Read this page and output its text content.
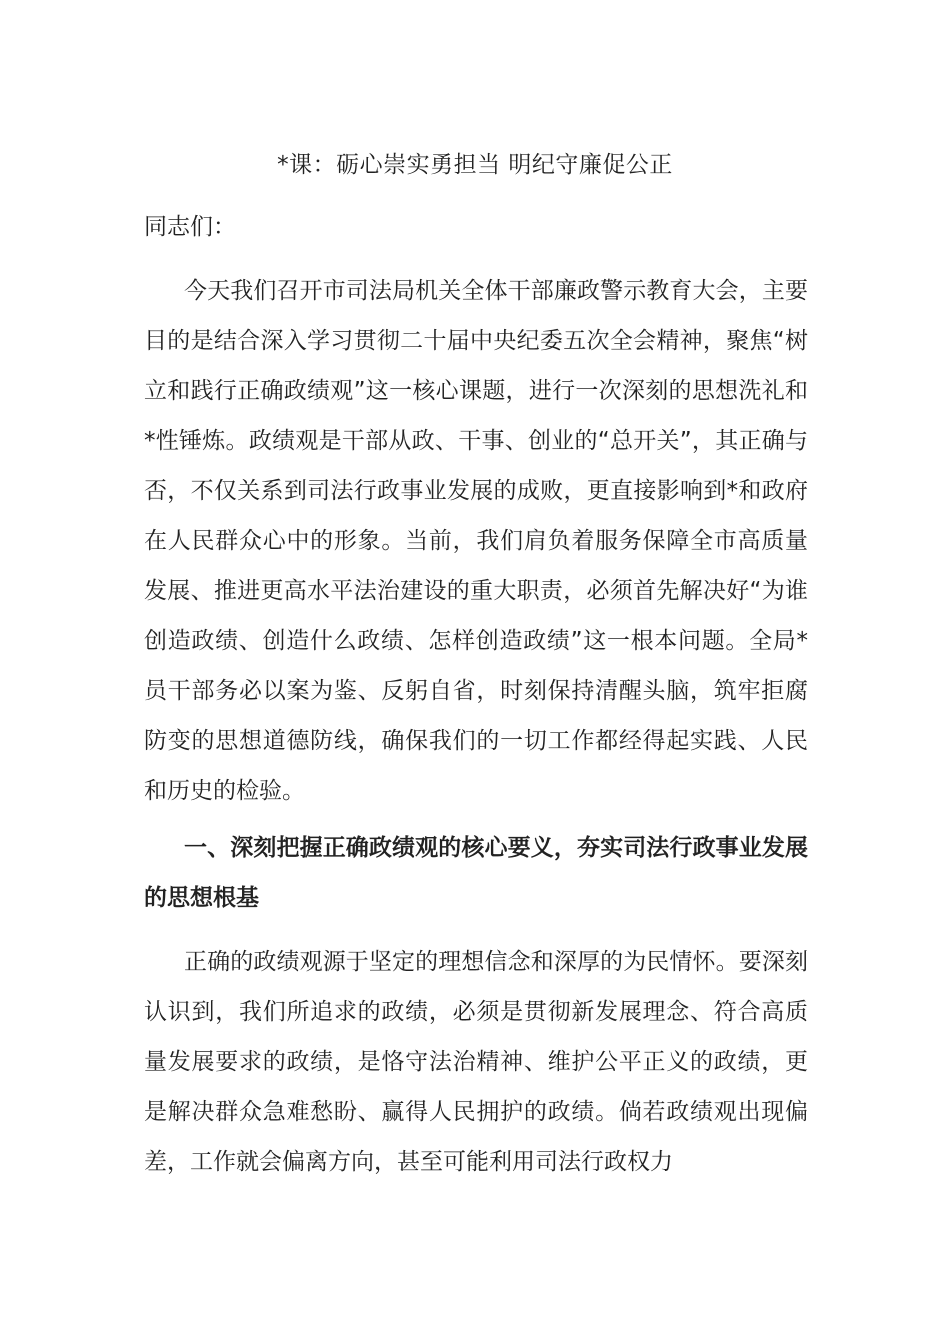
*课：砺心崇实勇担当 明纪守廉促公正
同志们：

今天我们召开市司法局机关全体干部廉政警示教育大会，主要目的是结合深入学习贯彻二十届中央纪委五次全会精神，聚焦“树立和践行正确政绩观”这一核心课题，进行一次深刻的思想洗礼和*性锤炼。政绩观是干部从政、干事、创业的“总开关”，其正确与否，不仅关系到司法行政事业发展的成败，更直接影响到*和政府在人民群众心中的形象。当前，我们肩负着服务保障全市高质量发展、推进更高水平法治建设的重大职责，必须首先解决好“为谁创造政绩、创造什么政绩、怎样创造政绩”这一根本问题。全局*员干部务必以案为鉴、反躬自省，时刻保持清醒头脑，筑牢拒腐防变的思想道德防线，确保我们的一切工作都经得起实践、人民和历史的检验。

一、深刻把握正确政绩观的核心要义，夯实司法行政事业发展的思想根基

正确的政绩观源于坚定的理想信念和深厚的为民情怀。要深刻认识到，我们所追求的政绩，必须是贯彻新发展理念、符合高质量发展要求的政绩，是恪守法治精神、维护公平正义的政绩，更是解决群众急难愁盼、赢得人民拥护的政绩。倘若政绩观出现偏差，工作就会偏离方向，甚至可能利用司法行政权力
